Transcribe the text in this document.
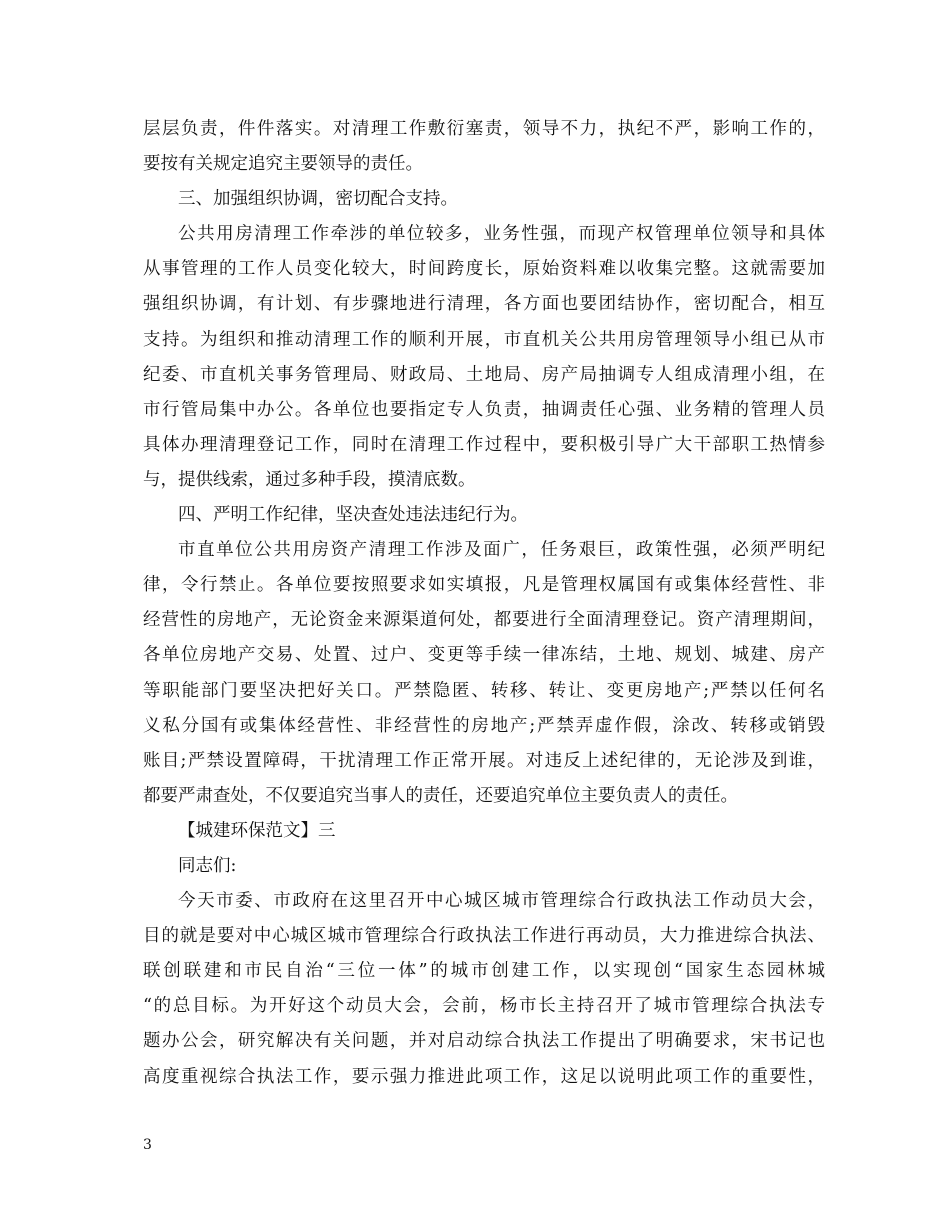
层层负责，件件落实。对清理工作敷衍塞责，领导不力，执纪不严，影响工作的，
要按有关规定追究主要领导的责任。
三、加强组织协调，密切配合支持。
公共用房清理工作牵涉的单位较多，业务性强，而现产权管理单位领导和具体
从事管理的工作人员变化较大，时间跨度长，原始资料难以收集完整。这就需要加
强组织协调，有计划、有步骤地进行清理，各方面也要团结协作，密切配合，相互
支持。为组织和推动清理工作的顺利开展，市直机关公共用房管理领导小组已从市
纪委、市直机关事务管理局、财政局、土地局、房产局抽调专人组成清理小组，在
市行管局集中办公。各单位也要指定专人负责，抽调责任心强、业务精的管理人员
具体办理清理登记工作，同时在清理工作过程中，要积极引导广大干部职工热情参
与，提供线索，通过多种手段，摸清底数。
四、严明工作纪律，坚决查处违法违纪行为。
市直单位公共用房资产清理工作涉及面广，任务艰巨，政策性强，必须严明纪
律，令行禁止。各单位要按照要求如实填报，凡是管理权属国有或集体经营性、非
经营性的房地产，无论资金来源渠道何处，都要进行全面清理登记。资产清理期间，
各单位房地产交易、处置、过户、变更等手续一律冻结，土地、规划、城建、房产
等职能部门要坚决把好关口。严禁隐匿、转移、转让、变更房地产;严禁以任何名
义私分国有或集体经营性、非经营性的房地产;严禁弄虚作假，涂改、转移或销毁
账目;严禁设置障碍，干扰清理工作正常开展。对违反上述纪律的，无论涉及到谁，
都要严肃查处，不仅要追究当事人的责任，还要追究单位主要负责人的责任。
【城建环保范文】三
同志们:
今天市委、市政府在这里召开中心城区城市管理综合行政执法工作动员大会，
目的就是要对中心城区城市管理综合行政执法工作进行再动员，大力推进综合执法、
联创联建和市民自治“三位一体”的城市创建工作，以实现创“国家生态园林城
“的总目标。为开好这个动员大会，会前，杨市长主持召开了城市管理综合执法专
题办公会，研究解决有关问题，并对启动综合执法工作提出了明确要求，宋书记也
高度重视综合执法工作，要示强力推进此项工作，这足以说明此项工作的重要性，
3
